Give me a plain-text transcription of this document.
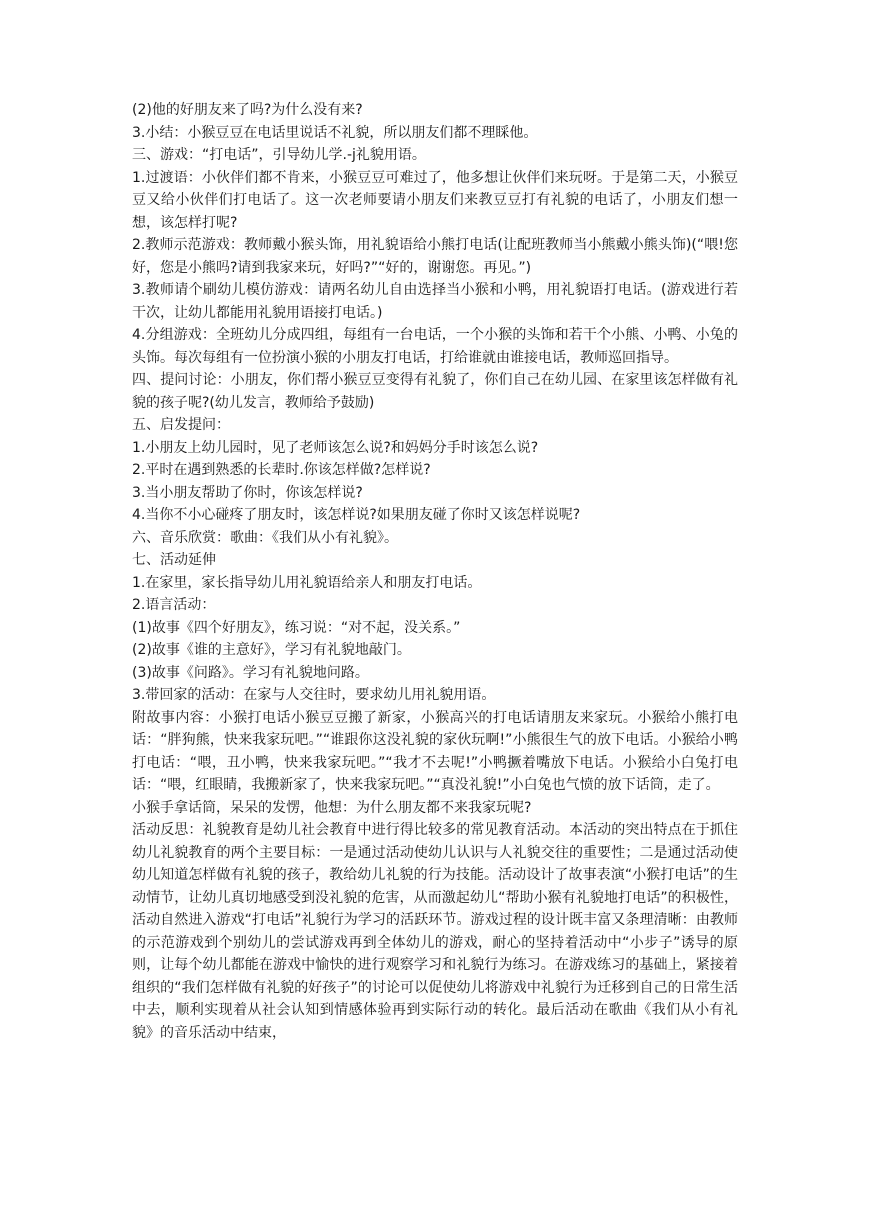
(2)他的好朋友来了吗?为什么没有来?

3.小结：小猴豆豆在电话里说话不礼貌，所以朋友们都不理睬他。

三、游戏：“打电话”，引导幼儿学.-j礼貌用语。

1.过渡语：小伙伴们都不肯来，小猴豆豆可难过了，他多想让伙伴们来玩呀。于是第二天，小猴豆豆又给小伙伴们打电话了。这一次老师要请小朋友们来教豆豆打有礼貌的电话了，小朋友们想一想，该怎样打呢?

2.教师示范游戏：教师戴小猴头饰，用礼貌语给小熊打电话(让配班教师当小熊戴小熊头饰)(“喂!您好，您是小熊吗?请到我家来玩，好吗?”“好的，谢谢您。再见。”)

3.教师请个刷幼儿模仿游戏：请两名幼儿自由选择当小猴和小鸭，用礼貌语打电话。(游戏进行若干次，让幼儿都能用礼貌用语接打电话。)

4.分组游戏：全班幼儿分成四组，每组有一台电话，一个小猴的头饰和若干个小熊、小鸭、小兔的头饰。每次每组有一位扮演小猴的小朋友打电话，打给谁就由谁接电话，教师巡回指导。

四、提问讨论：小朋友，你们帮小猴豆豆变得有礼貌了，你们自己在幼儿园、在家里该怎样做有礼貌的孩子呢?(幼儿发言，教师给予鼓励)

五、启发提问：

1.小朋友上幼儿园时，见了老师该怎么说?和妈妈分手时该怎么说?

2.平时在遇到熟悉的长辈时.你该怎样做?怎样说?

3.当小朋友帮助了你时，你该怎样说?

4.当你不小心碰疼了朋友时，该怎样说?如果朋友碰了你时又该怎样说呢?

六、音乐欣赏：歌曲：《我们从小有礼貌》。

七、活动延伸

1.在家里，家长指导幼儿用礼貌语给亲人和朋友打电话。

2.语言活动：

(1)故事《四个好朋友》，练习说：“对不起，没关系。”

(2)故事《谁的主意好》，学习有礼貌地敲门。

(3)故事《问路》。学习有礼貌地问路。

3.带回家的活动：在家与人交往时，要求幼儿用礼貌用语。

附故事内容：小猴打电话小猴豆豆搬了新家，小猴高兴的打电话请朋友来家玩。小猴给小熊打电话：“胖狗熊，快来我家玩吧。”“谁跟你这没礼貌的家伙玩啊!”小熊很生气的放下电话。小猴给小鸭打电话：“喂，丑小鸭，快来我家玩吧。”“我才不去呢!”小鸭撅着嘴放下电话。小猴给小白兔打电话：“喂，红眼睛，我搬新家了，快来我家玩吧。”“真没礼貌!”小白兔也气愤的放下话筒，走了。

小猴手拿话筒，呆呆的发愣，他想：为什么朋友都不来我家玩呢?

活动反思：礼貌教育是幼儿社会教育中进行得比较多的常见教育活动。本活动的突出特点在于抓住幼儿礼貌教育的两个主要目标：一是通过活动使幼儿认识与人礼貌交往的重要性；二是通过活动使幼儿知道怎样做有礼貌的孩子，教给幼儿礼貌的行为技能。活动设计了故事表演“小猴打电话”的生动情节，让幼儿真切地感受到没礼貌的危害，从而激起幼儿“帮助小猴有礼貌地打电话”的积极性，活动自然进入游戏“打电话”礼貌行为学习的活跃环节。游戏过程的设计既丰富又条理清晰：由教师的示范游戏到个别幼儿的尝试游戏再到全体幼儿的游戏，耐心的坚持着活动中“小步子”诱导的原则，让每个幼儿都能在游戏中愉快的进行观察学习和礼貌行为练习。在游戏练习的基础上，紧接着组织的“我们怎样做有礼貌的好孩子”的讨论可以促使幼儿将游戏中礼貌行为迁移到自己的日常生活中去，顺利实现着从社会认知到情感体验再到实际行动的转化。最后活动在歌曲《我们从小有礼貌》的音乐活动中结束，
